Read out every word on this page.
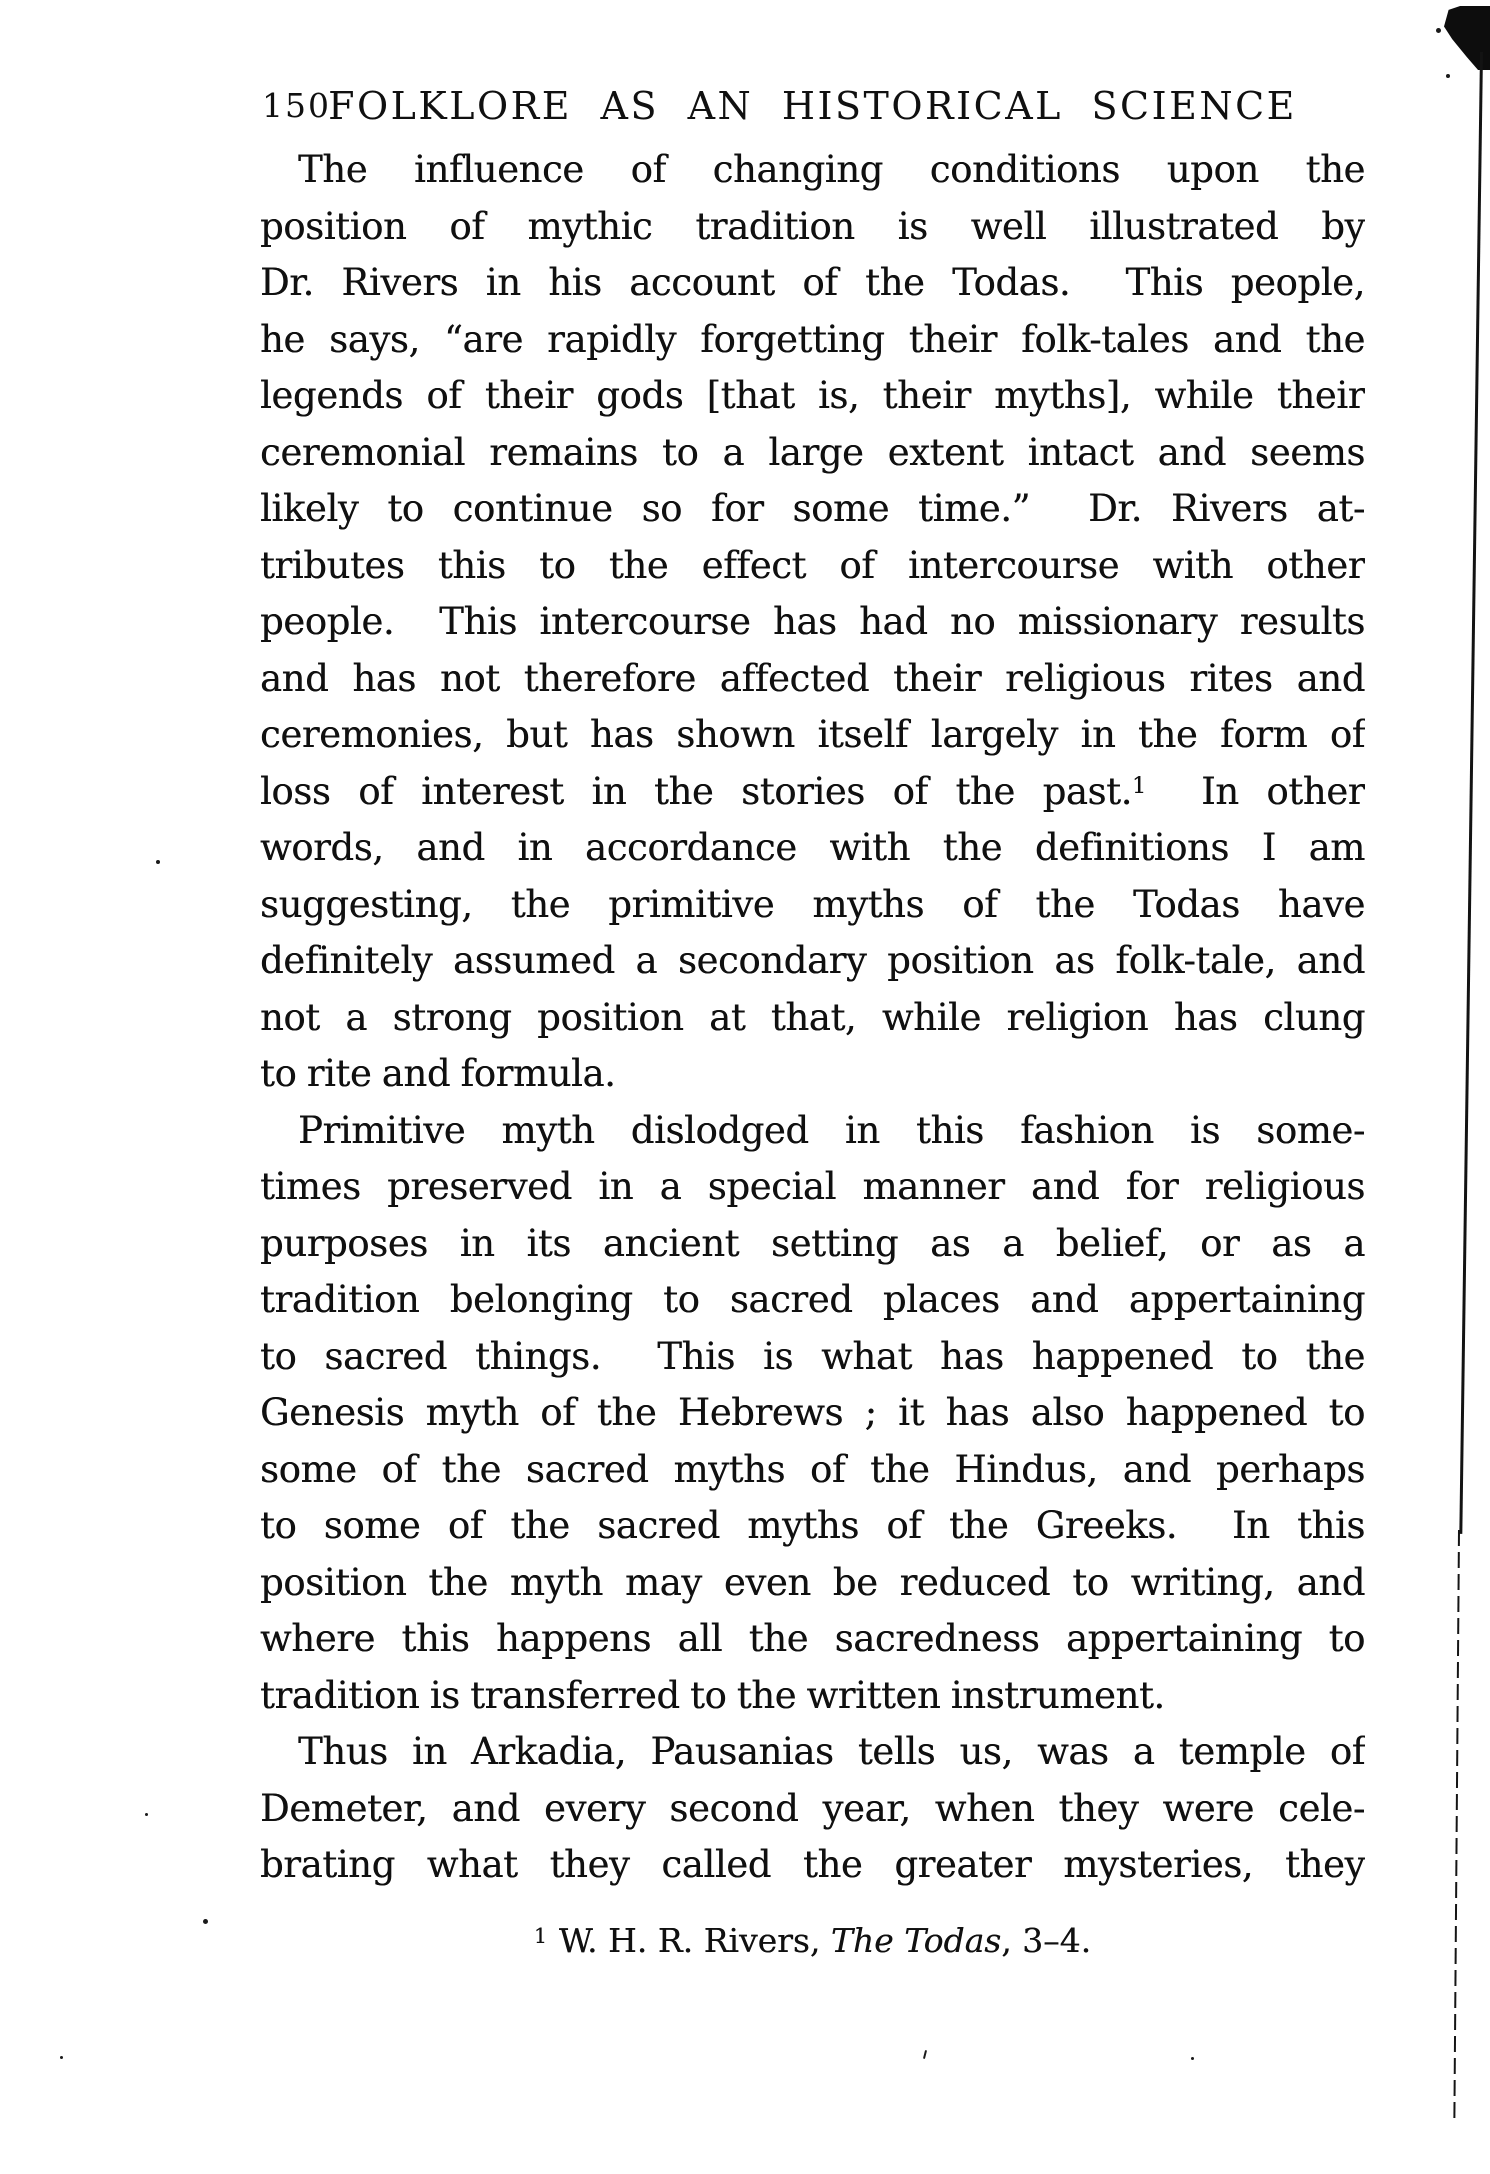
150
FOLKLORE AS AN HISTORICAL SCIENCE
The influence of changing conditions upon the
position of mythic tradition is well illustrated by
Dr. Rivers in his account of the Todas.  This people,
he says, “are rapidly forgetting their folk-tales and the
legends of their gods [that is, their myths], while their
ceremonial remains to a large extent intact and seems
likely to continue so for some time.”  Dr. Rivers at-
tributes this to the effect of intercourse with other
people.  This intercourse has had no missionary results
and has not therefore affected their religious rites and
ceremonies, but has shown itself largely in the form of
loss of interest in the stories of the past.$^1$  In other
words, and in accordance with the definitions I am
suggesting, the primitive myths of the Todas have
definitely assumed a secondary position as folk-tale, and
not a strong position at that, while religion has clung
to rite and formula.
Primitive myth dislodged in this fashion is some-
times preserved in a special manner and for religious
purposes in its ancient setting as a belief, or as a
tradition belonging to sacred places and appertaining
to sacred things.  This is what has happened to the
Genesis myth of the Hebrews ; it has also happened to
some of the sacred myths of the Hindus, and perhaps
to some of the sacred myths of the Greeks.  In this
position the myth may even be reduced to writing, and
where this happens all the sacredness appertaining to
tradition is transferred to the written instrument.
Thus in Arkadia, Pausanias tells us, was a temple of
Demeter, and every second year, when they were cele-
brating what they called the greater mysteries, they
$^1$ W. H. R. Rivers, The Todas, 3–4.
